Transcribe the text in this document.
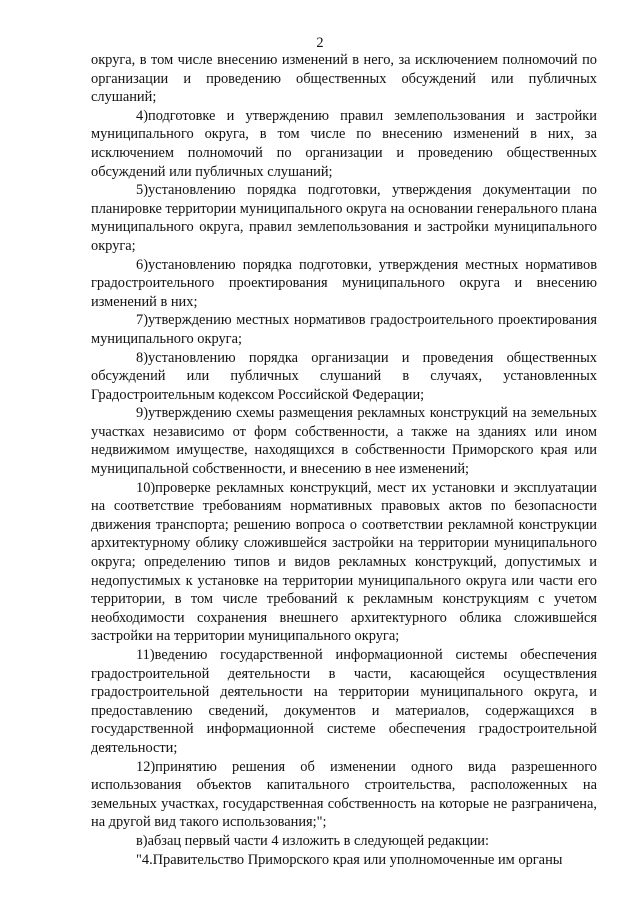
2

округа, в том числе внесению изменений в него, за исключением полномочий по организации и проведению общественных обсуждений или публичных слушаний;

4)подготовке и утверждению правил землепользования и застройки муниципального округа, в том числе по внесению изменений в них, за исключением полномочий по организации и проведению общественных обсуждений или публичных слушаний;

5)установлению порядка подготовки, утверждения документации по планировке территории муниципального округа на основании генерального плана муниципального округа, правил землепользования и застройки муниципального округа;

6)установлению порядка подготовки, утверждения местных нормативов градостроительного проектирования муниципального округа и внесению изменений в них;

7)утверждению местных нормативов градостроительного проектирования муниципального округа;

8)установлению порядка организации и проведения общественных обсуждений или публичных слушаний в случаях, установленных Градостроительным кодексом Российской Федерации;

9)утверждению схемы размещения рекламных конструкций на земельных участках независимо от форм собственности, а также на зданиях или ином недвижимом имуществе, находящихся в собственности Приморского края или муниципальной собственности, и внесению в нее изменений;

10)проверке рекламных конструкций, мест их установки и эксплуатации на соответствие требованиям нормативных правовых актов по безопасности движения транспорта; решению вопроса о соответствии рекламной конструкции архитектурному облику сложившейся застройки на территории муниципального округа; определению типов и видов рекламных конструкций, допустимых и недопустимых к установке на территории муниципального округа или части его территории, в том числе требований к рекламным конструкциям с учетом необходимости сохранения внешнего архитектурного облика сложившейся застройки на территории муниципального округа;

11)ведению государственной информационной системы обеспечения градостроительной деятельности в части, касающейся осуществления градостроительной деятельности на территории муниципального округа, и предоставлению сведений, документов и материалов, содержащихся в государственной информационной системе обеспечения градостроительной деятельности;

12)принятию решения об изменении одного вида разрешенного использования объектов капитального строительства, расположенных на земельных участках, государственная собственность на которые не разграничена, на другой вид такого использования;";

в)абзац первый части 4 изложить в следующей редакции:

"4.Правительство Приморского края или уполномоченные им органы
